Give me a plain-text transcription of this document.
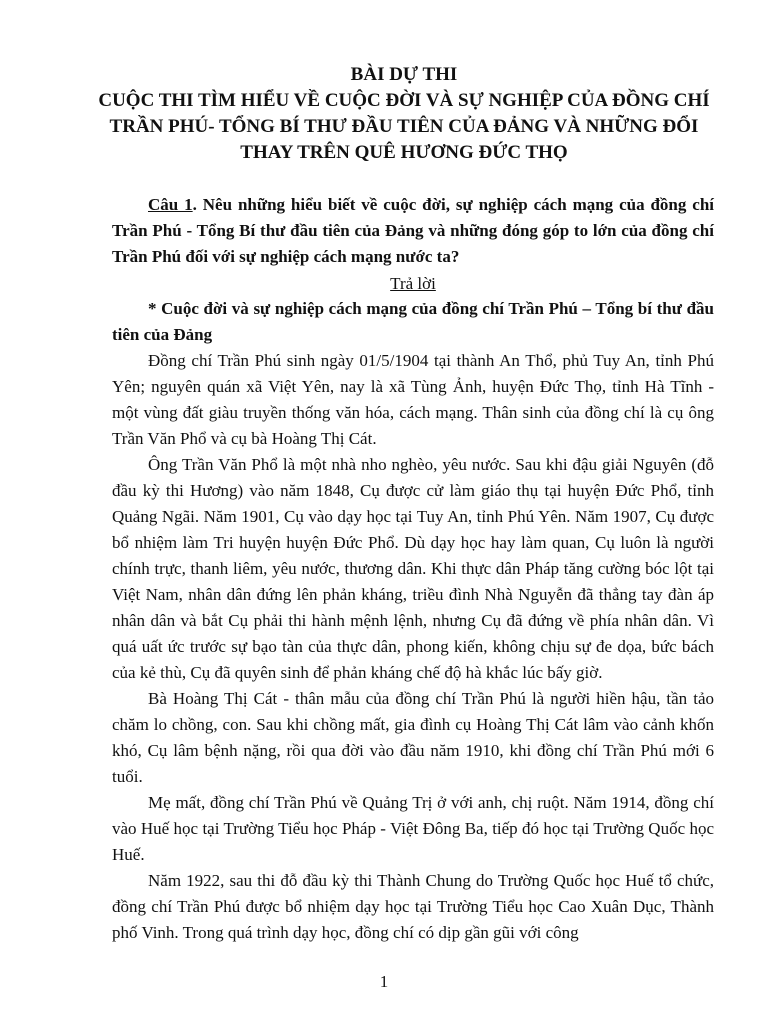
BÀI DỰ THI
CUỘC THI TÌM HIỂU VỀ CUỘC ĐỜI VÀ SỰ NGHIỆP CỦA ĐỒNG CHÍ
TRẦN PHÚ- TỔNG BÍ THƯ ĐẦU TIÊN CỦA ĐẢNG VÀ NHỮNG ĐỔI
THAY TRÊN QUÊ HƯƠNG ĐỨC THỌ
Câu 1. Nêu những hiểu biết về cuộc đời, sự nghiệp cách mạng của đồng chí Trần Phú - Tổng Bí thư đầu tiên của Đảng và những đóng góp to lớn của đồng chí Trần Phú đối với sự nghiệp cách mạng nước ta?
Trả lời

* Cuộc đời và sự nghiệp cách mạng của đồng chí Trần Phú – Tổng bí thư đầu tiên của Đảng

Đồng chí Trần Phú sinh ngày 01/5/1904 tại thành An Thổ, phủ Tuy An, tỉnh Phú Yên; nguyên quán xã Việt Yên, nay là xã Tùng Ảnh, huyện Đức Thọ, tỉnh Hà Tĩnh - một vùng đất giàu truyền thống văn hóa, cách mạng. Thân sinh của đồng chí là cụ ông Trần Văn Phổ và cụ bà Hoàng Thị Cát.

Ông Trần Văn Phổ là một nhà nho nghèo, yêu nước. Sau khi đậu giải Nguyên (đỗ đầu kỳ thi Hương) vào năm 1848, Cụ được cử làm giáo thụ tại huyện Đức Phổ, tỉnh Quảng Ngãi. Năm 1901, Cụ vào dạy học tại Tuy An, tỉnh Phú Yên. Năm 1907, Cụ được bổ nhiệm làm Tri huyện huyện Đức Phổ. Dù dạy học hay làm quan, Cụ luôn là người chính trực, thanh liêm, yêu nước, thương dân. Khi thực dân Pháp tăng cường bóc lột tại Việt Nam, nhân dân đứng lên phản kháng, triều đình Nhà Nguyễn đã thẳng tay đàn áp nhân dân và bắt Cụ phải thi hành mệnh lệnh, nhưng Cụ đã đứng về phía nhân dân. Vì quá uất ức trước sự bạo tàn của thực dân, phong kiến, không chịu sự đe dọa, bức bách của kẻ thù, Cụ đã quyên sinh để phản kháng chế độ hà khắc lúc bấy giờ.

Bà Hoàng Thị Cát - thân mẫu của đồng chí Trần Phú là người hiền hậu, tần tảo chăm lo chồng, con. Sau khi chồng mất, gia đình cụ Hoàng Thị Cát lâm vào cảnh khốn khó, Cụ lâm bệnh nặng, rồi qua đời vào đầu năm 1910, khi đồng chí Trần Phú mới 6 tuổi.

Mẹ mất, đồng chí Trần Phú về Quảng Trị ở với anh, chị ruột. Năm 1914, đồng chí vào Huế học tại Trường Tiểu học Pháp - Việt Đông Ba, tiếp đó học tại Trường Quốc học Huế.

Năm 1922, sau thi đỗ đầu kỳ thi Thành Chung do Trường Quốc học Huế tổ chức, đồng chí Trần Phú được bổ nhiệm dạy học tại Trường Tiểu học Cao Xuân Dục, Thành phố Vinh. Trong quá trình dạy học, đồng chí có dịp gần gũi với công

1
